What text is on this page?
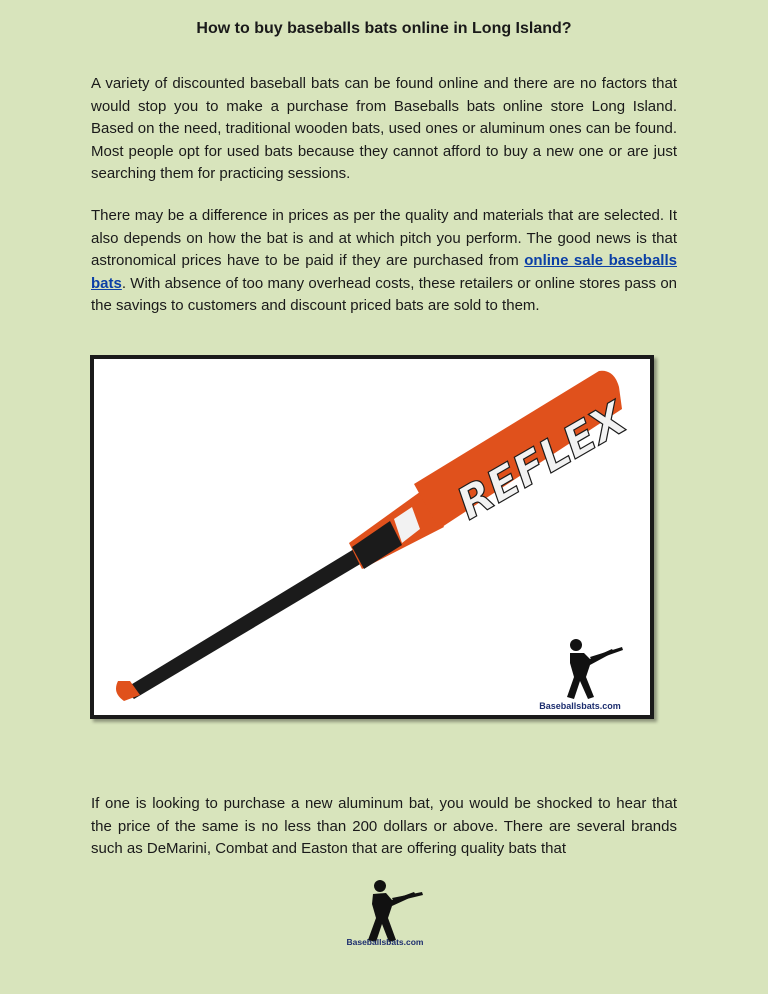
How to buy baseballs bats online in Long Island?

A variety of discounted baseball bats can be found online and there are no factors that would stop you to make a purchase from Baseballs bats online store Long Island. Based on the need, traditional wooden bats, used ones or aluminum ones can be found. Most people opt for used bats because they cannot afford to buy a new one or are just searching them for practicing sessions.

There may be a difference in prices as per the quality and materials that are selected. It also depends on how the bat is and at which pitch you perform. The good news is that astronomical prices have to be paid if they are purchased from online sale baseballs bats. With absence of too many overhead costs, these retailers or online stores pass on the savings to customers and discount priced bats are sold to them.

REFLEX
Baseballsbats.com

If one is looking to purchase a new aluminum bat, you would be shocked to hear that the price of the same is no less than 200 dollars or above. There are several brands such as DeMarini, Combat and Easton that are offering quality bats that

Baseballsbats.com
